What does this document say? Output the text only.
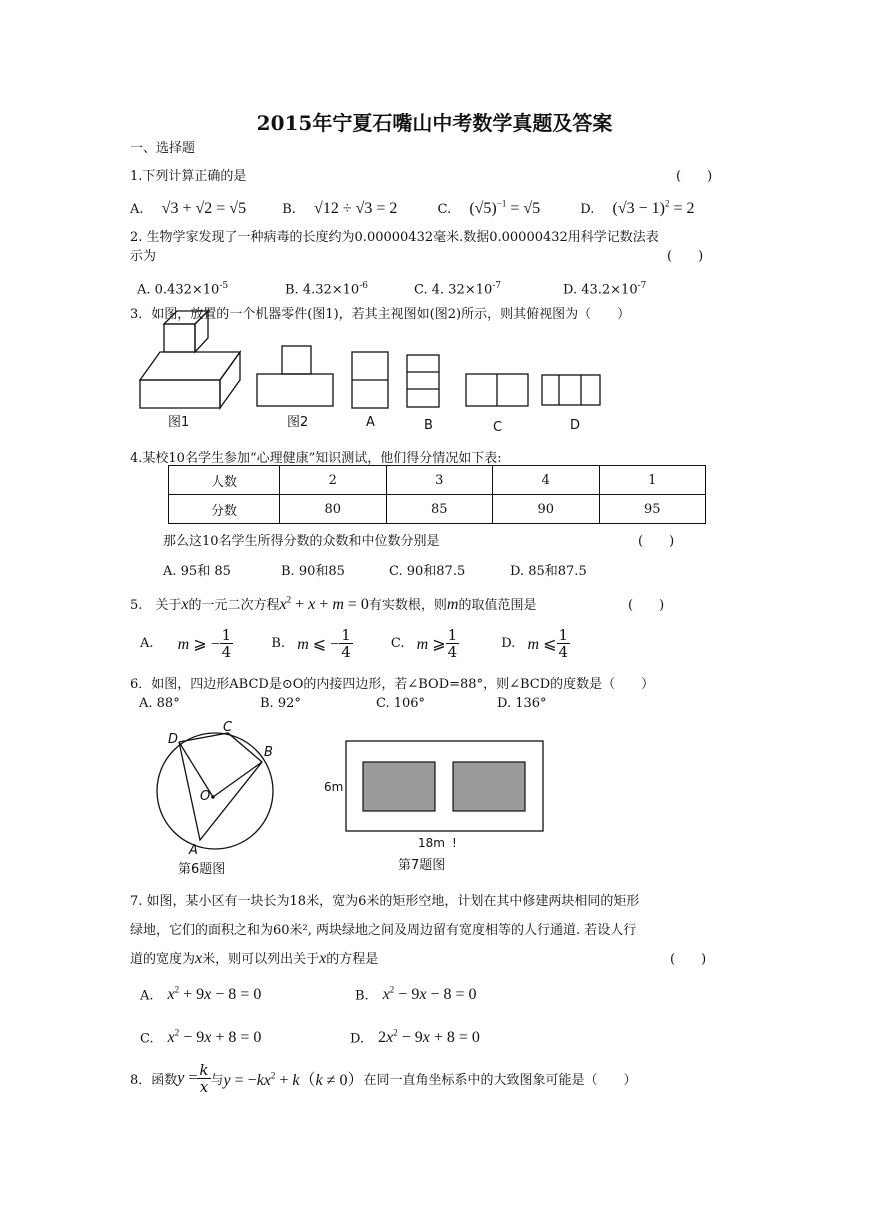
2015年宁夏石嘴山中考数学真题及答案
一、选择题
1.下列计算正确的是	(　　)
A. √3 + √2 = √5	B. √12 ÷ √3 = 2	C. $(√5)^{-1} = √5$	D. $(√3 - 1)^2 = 2$
2. 生物学家发现了一种病毒的长度约为0.00000432毫米.数据0.00000432用科学记数法表
示为	(　　)
A. $0.432\times 10^{-5}$	B. $4.32\times 10^{-6}$	C. 4. $32\times 10^{-7}$	D. $43.2\times 10^{-7}$
3．如图，放置的一个机器零件(图1)，若其主视图如(图2)所示，则其俯视图为（　　）
图1	图2	A	B	C	D
4.某校10名学生参加“心理健康”知识测试，他们得分情况如下表:
人数	2	3	4	1
分数	80	85	90	95
那么这10名学生所得分数的众数和中位数分别是	(　　)
A. 95和 85	B. 90和85	C. 90和87.5	D. 85和87.5
5.　关于x的一元二次方程$x^2 + x + m = 0$有实数根，则m的取值范围是	(　　)
A. m ⩾ − $\frac{1}{4}$	B. m ⩽ − $\frac{1}{4}$	C. m ⩾ $\frac{1}{4}$	D. m ⩽ $\frac{1}{4}$
6．如图，四边形ABCD是⊙O的内接四边形，若∠BOD=88°，则∠BCD的度数是（　　）
A. 88°	B. 92°	C. 106°	D. 136°
C
D
B
O
A
第6题图
6m
18m !
第7题图
7. 如图，某小区有一块长为18米，宽为6米的矩形空地，计划在其中修建两块相同的矩形
绿地，它们的面积之和为60米², 两块绿地之间及周边留有宽度相等的人行通道. 若设人行
道的宽度为x米，则可以列出关于x的方程是	(　　)
A. $x^2 + 9x - 8 = 0$	B. $x^2 - 9x - 8 = 0$
C. $x^2 - 9x + 8 = 0$	D. $2x^2 - 9x + 8 = 0$
8．函数$y = \frac{k}{x}$ 与$y = -kx^2 + k(k \ne 0)$在同一直角坐标系中的大致图象可能是（　　）
